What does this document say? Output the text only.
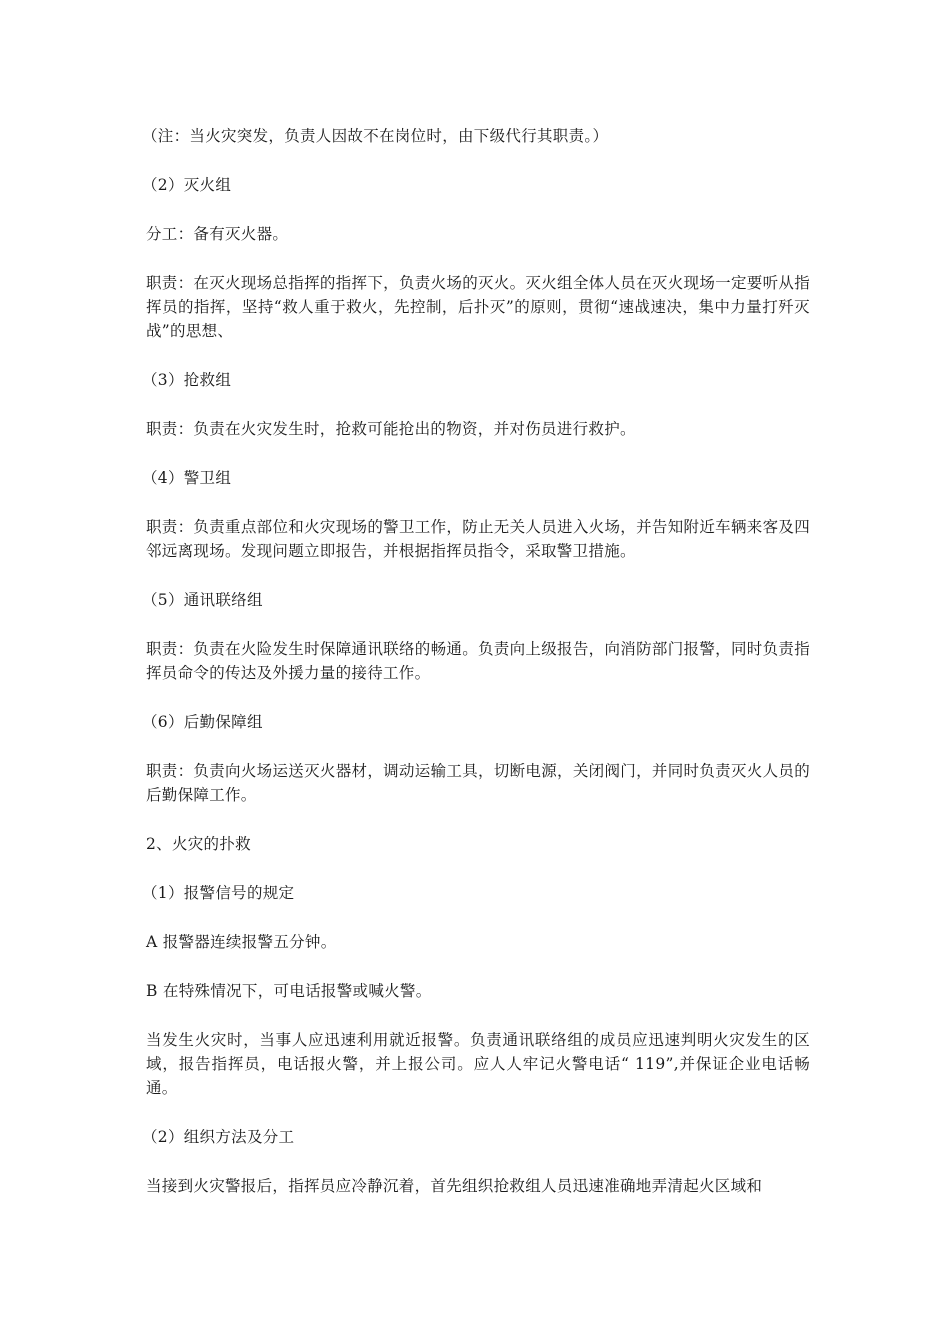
（注：当火灾突发，负责人因故不在岗位时，由下级代行其职责。）

（2）灭火组

分工：备有灭火器。

职责：在灭火现场总指挥的指挥下，负责火场的灭火。灭火组全体人员在灭火现场一定要听从指挥员的指挥，坚持“救人重于救火，先控制，后扑灭”的原则，贯彻“速战速决，集中力量打歼灭战”的思想、

（3）抢救组

职责：负责在火灾发生时，抢救可能抢出的物资，并对伤员进行救护。

（4）警卫组

职责：负责重点部位和火灾现场的警卫工作，防止无关人员进入火场，并告知附近车辆来客及四邻远离现场。发现问题立即报告，并根据指挥员指令，采取警卫措施。

（5）通讯联络组

职责：负责在火险发生时保障通讯联络的畅通。负责向上级报告，向消防部门报警，同时负责指挥员命令的传达及外援力量的接待工作。

（6）后勤保障组

职责：负责向火场运送灭火器材，调动运输工具，切断电源，关闭阀门，并同时负责灭火人员的后勤保障工作。

2、火灾的扑救

（1）报警信号的规定

A 报警器连续报警五分钟。

B 在特殊情况下，可电话报警或喊火警。

当发生火灾时，当事人应迅速利用就近报警。负责通讯联络组的成员应迅速判明火灾发生的区域，报告指挥员，电话报火警，并上报公司。应人人牢记火警电话“ 119”,并保证企业电话畅通。

（2）组织方法及分工

当接到火灾警报后，指挥员应冷静沉着，首先组织抢救组人员迅速准确地弄清起火区域和
